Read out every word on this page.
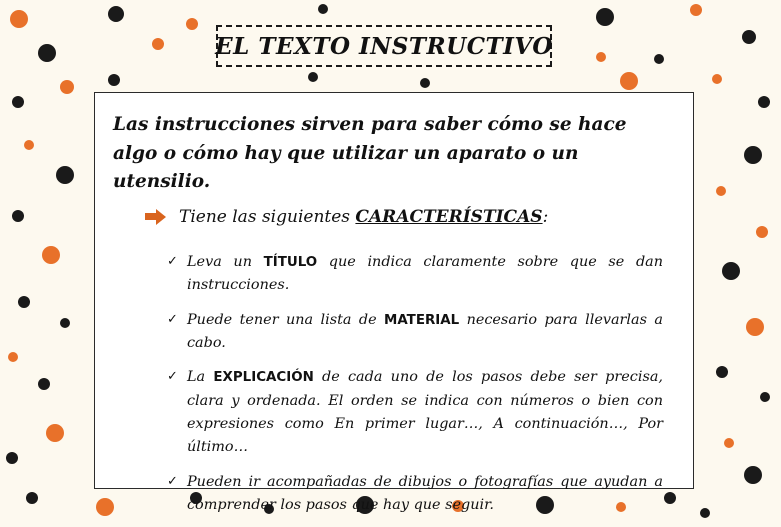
EL TEXTO INSTRUCTIVO

Las instrucciones sirven para saber cómo se hace algo o cómo hay que utilizar un aparato o un utensilio.

Tiene las siguientes CARACTERÍSTICAS:
✓ Leva un TÍTULO que indica claramente sobre que se dan instrucciones.
✓ Puede tener una lista de MATERIAL necesario para llevarlas a cabo.
✓ La EXPLICACIÓN de cada uno de los pasos debe ser precisa, clara y ordenada. El orden se indica con números o bien con expresiones como En primer lugar…, A continuación…, Por último…
✓ Pueden ir acompañadas de dibujos o fotografías que ayudan a comprender los pasos que hay que seguir.
